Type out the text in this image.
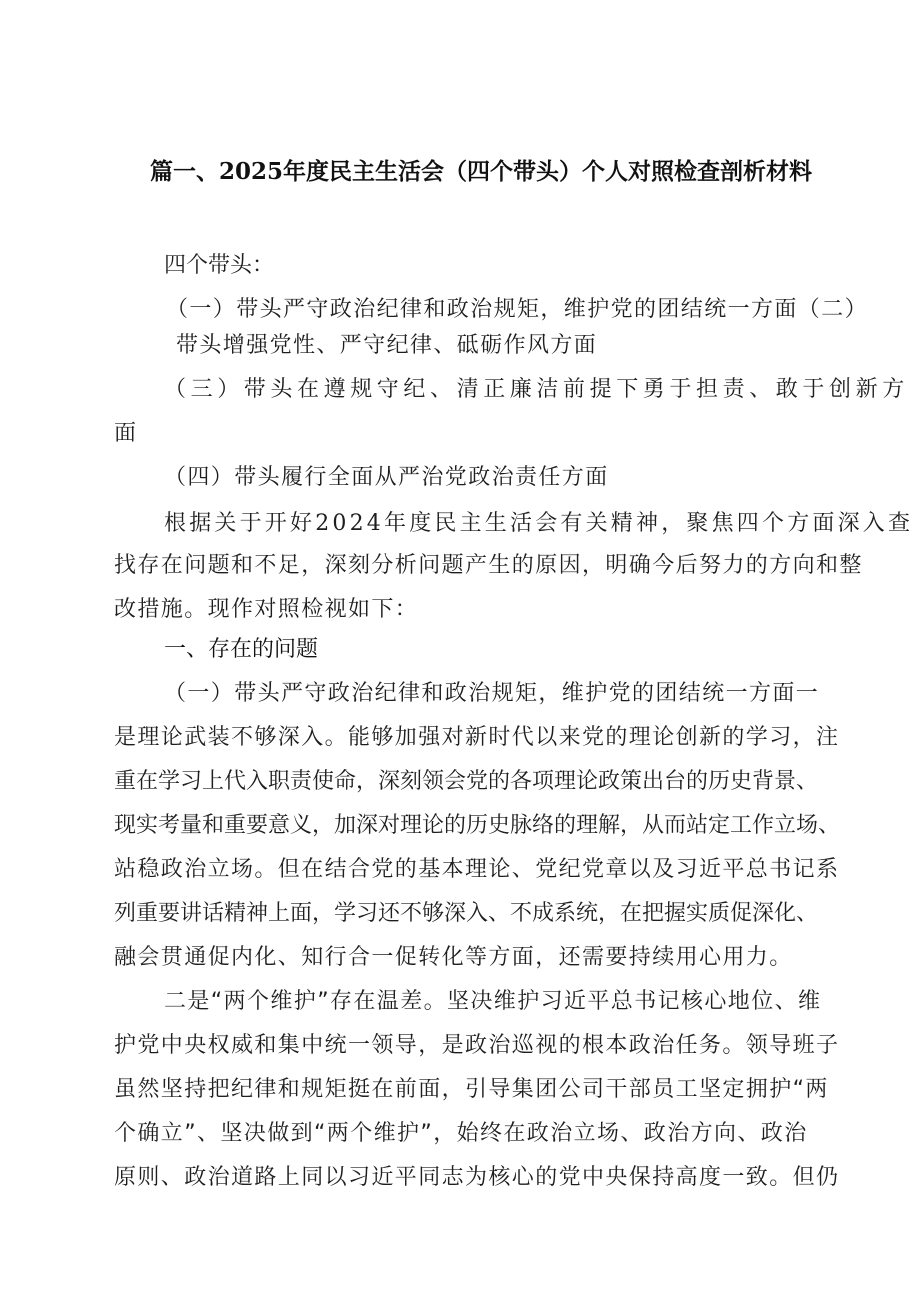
篇一、2025年度民主生活会（四个带头）个人对照检查剖析材料
四个带头：
（一）带头严守政治纪律和政治规矩，维护党的团结统一方面（二）
带头增强党性、严守纪律、砥砺作风方面
（三）带头在遵规守纪、清正廉洁前提下勇于担责、敢于创新方
面
（四）带头履行全面从严治党政治责任方面
根据关于开好2024年度民主生活会有关精神，聚焦四个方面深入查
找存在问题和不足，深刻分析问题产生的原因，明确今后努力的方向和整
改措施。现作对照检视如下：
一、存在的问题
（一）带头严守政治纪律和政治规矩，维护党的团结统一方面一
是理论武装不够深入。能够加强对新时代以来党的理论创新的学习，注
重在学习上代入职责使命，深刻领会党的各项理论政策出台的历史背景、
现实考量和重要意义，加深对理论的历史脉络的理解，从而站定工作立场、
站稳政治立场。但在结合党的基本理论、党纪党章以及习近平总书记系
列重要讲话精神上面，学习还不够深入、不成系统，在把握实质促深化、
融会贯通促内化、知行合一促转化等方面，还需要持续用心用力。
二是“两个维护”存在温差。坚决维护习近平总书记核心地位、维
护党中央权威和集中统一领导，是政治巡视的根本政治任务。领导班子
虽然坚持把纪律和规矩挺在前面，引导集团公司干部员工坚定拥护“两
个确立”、坚决做到“两个维护”，始终在政治立场、政治方向、政治
原则、政治道路上同以习近平同志为核心的党中央保持高度一致。但仍
